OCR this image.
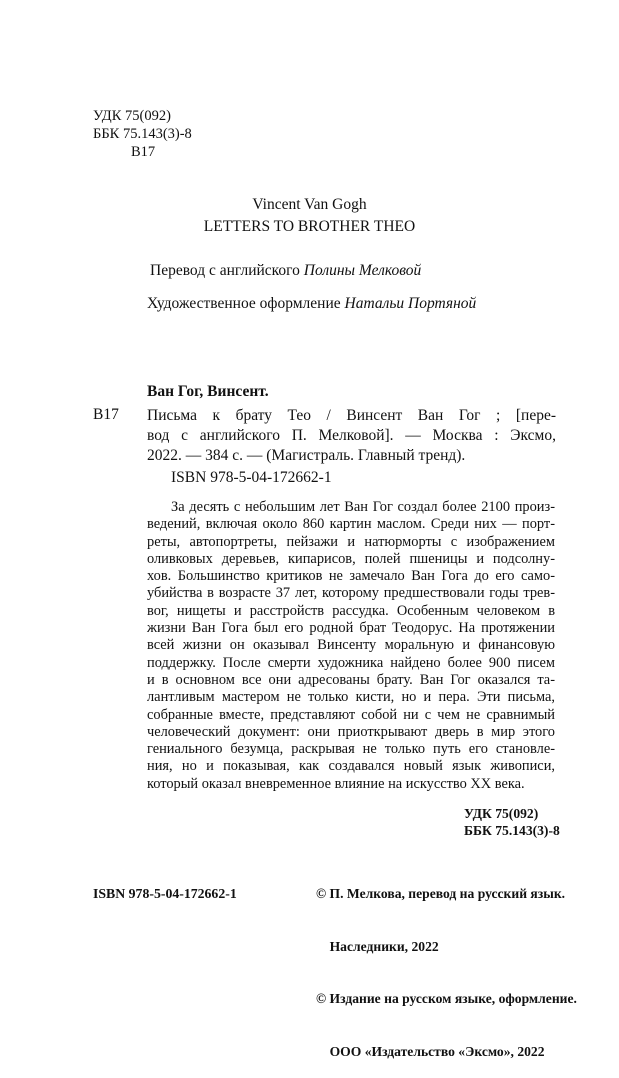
УДК 75(092)
ББК 75.143(3)-8
В17
Vincent Van Gogh
LETTERS TO BROTHER THEO
Перевод с английского Полины Мелковой
Художественное оформление Натальи Портяной
Ван Гог, Винсент.
В17 Письма к брату Тео / Винсент Ван Гог ; [пере-
вод с английского П. Мелковой]. — Москва : Эксмо,
2022. — 384 с. — (Магистраль. Главный тренд).
ISBN 978-5-04-172662-1
За десять с небольшим лет Ван Гог создал более 2100 произ-
ведений, включая около 860 картин маслом. Среди них — порт-
реты, автопортреты, пейзажи и натюрморты с изображением
оливковых деревьев, кипарисов, полей пшеницы и подсолну-
хов. Большинство критиков не замечало Ван Гога до его само-
убийства в возрасте 37 лет, которому предшествовали годы трев-
вог, нищеты и расстройств рассудка. Особенным человеком в
жизни Ван Гога был его родной брат Теодорус. На протяжении
всей жизни он оказывал Винсенту моральную и финансовую
поддержку. После смерти художника найдено более 900 писем
и в основном все они адресованы брату. Ван Гог оказался та-
лантливым мастером не только кисти, но и пера. Эти письма,
собранные вместе, представляют собой ни с чем не сравнимый
человеческий документ: они приоткрывают дверь в мир этого
гениального безумца, раскрывая не только путь его становле-
ния, но и показывая, как создавался новый язык живописи,
который оказал вневременное влияние на искусство XX века.
УДК 75(092)
ББК 75.143(3)-8

© П. Мелкова, перевод на русский язык.

Наследники, 2022

© Издание на русском языке, оформление.

ООО «Издательство «Эксмо», 2022

ISBN 978-5-04-172662-1
